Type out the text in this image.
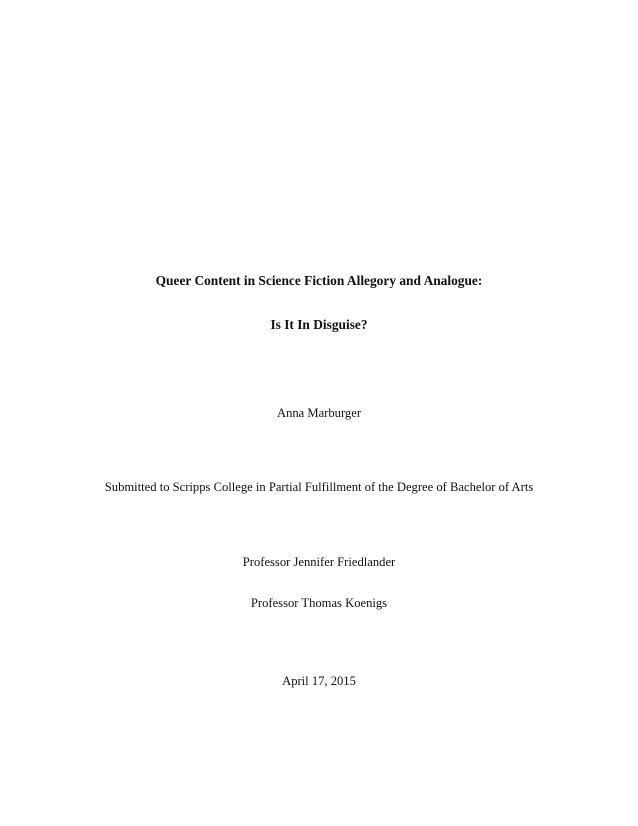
Queer Content in Science Fiction Allegory and Analogue:
Is It In Disguise?
Anna Marburger
Submitted to Scripps College in Partial Fulfillment of the Degree of Bachelor of Arts
Professor Jennifer Friedlander
Professor Thomas Koenigs
April 17, 2015
